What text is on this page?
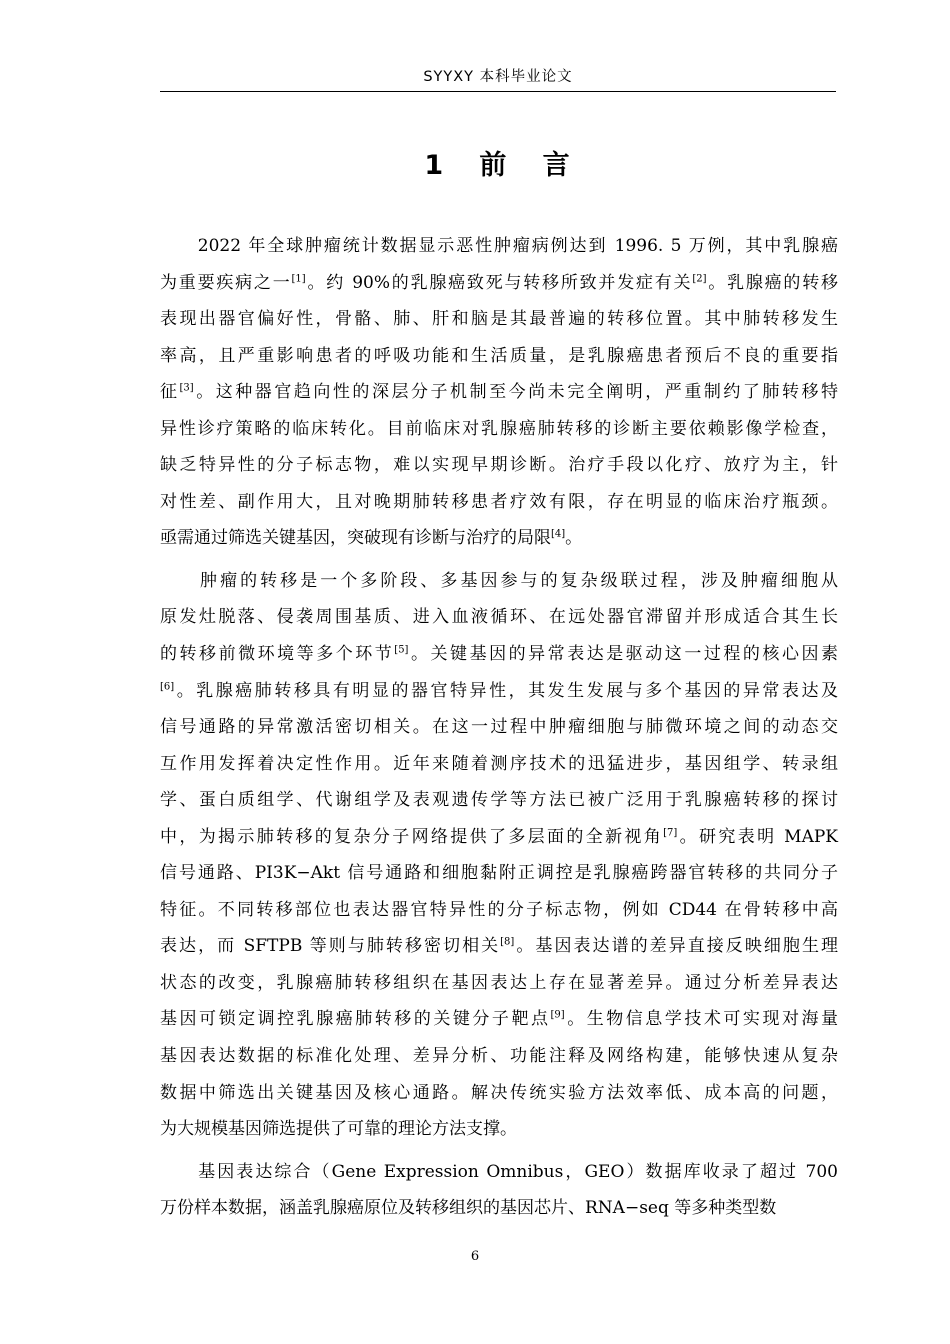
SYYXY 本科毕业论文
1   前   言
　　2022 年全球肿瘤统计数据显示恶性肿瘤病例达到 1996. 5 万例，其中乳腺癌
为重要疾病之一[1]。约 90%的乳腺癌致死与转移所致并发症有关[2]。乳腺癌的转移
表现出器官偏好性，骨骼、肺、肝和脑是其最普遍的转移位置。其中肺转移发生
率高，且严重影响患者的呼吸功能和生活质量，是乳腺癌患者预后不良的重要指
征[3]。这种器官趋向性的深层分子机制至今尚未完全阐明，严重制约了肺转移特
异性诊疗策略的临床转化。目前临床对乳腺癌肺转移的诊断主要依赖影像学检查，
缺乏特异性的分子标志物，难以实现早期诊断。治疗手段以化疗、放疗为主，针
对性差、副作用大，且对晚期肺转移患者疗效有限，存在明显的临床治疗瓶颈。
亟需通过筛选关键基因，突破现有诊断与治疗的局限[4]。
　　肿瘤的转移是一个多阶段、多基因参与的复杂级联过程，涉及肿瘤细胞从
原发灶脱落、侵袭周围基质、进入血液循环、在远处器官滞留并形成适合其生长
的转移前微环境等多个环节[5]。关键基因的异常表达是驱动这一过程的核心因素
[6]。乳腺癌肺转移具有明显的器官特异性，其发生发展与多个基因的异常表达及
信号通路的异常激活密切相关。在这一过程中肿瘤细胞与肺微环境之间的动态交
互作用发挥着决定性作用。近年来随着测序技术的迅猛进步，基因组学、转录组
学、蛋白质组学、代谢组学及表观遗传学等方法已被广泛用于乳腺癌转移的探讨
中，为揭示肺转移的复杂分子网络提供了多层面的全新视角[7]。研究表明 MAPK
信号通路、PI3K−Akt 信号通路和细胞黏附正调控是乳腺癌跨器官转移的共同分子
特征。不同转移部位也表达器官特异性的分子标志物，例如 CD44 在骨转移中高
表达，而 SFTPB 等则与肺转移密切相关[8]。基因表达谱的差异直接反映细胞生理
状态的改变，乳腺癌肺转移组织在基因表达上存在显著差异。通过分析差异表达
基因可锁定调控乳腺癌肺转移的关键分子靶点[9]。生物信息学技术可实现对海量
基因表达数据的标准化处理、差异分析、功能注释及网络构建，能够快速从复杂
数据中筛选出关键基因及核心通路。解决传统实验方法效率低、成本高的问题，
为大规模基因筛选提供了可靠的理论方法支撑。
　　基因表达综合（Gene Expression Omnibus，GEO）数据库收录了超过 700
万份样本数据，涵盖乳腺癌原位及转移组织的基因芯片、RNA−seq 等多种类型数
6
